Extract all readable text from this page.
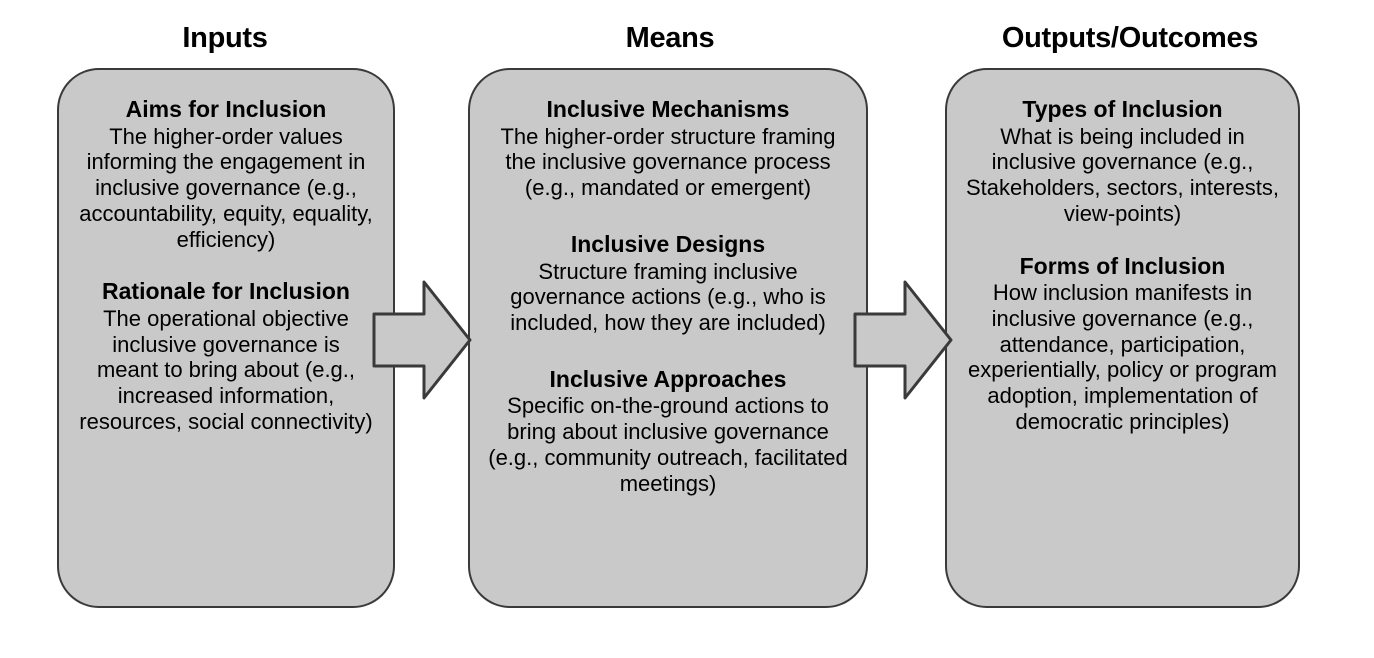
Inputs	Means	Outputs/Outcomes
Aims for Inclusion
The higher-order values informing the engagement in inclusive governance (e.g., accountability, equity, equality, efficiency)
Rationale for Inclusion
The operational objective inclusive governance is meant to bring about (e.g., increased information, resources, social connectivity)
Inclusive Mechanisms
The higher-order structure framing the inclusive governance process (e.g., mandated or emergent)
Inclusive Designs
Structure framing inclusive governance actions (e.g., who is included, how they are included)
Inclusive Approaches
Specific on-the-ground actions to bring about inclusive governance (e.g., community outreach, facilitated meetings)
Types of Inclusion
What is being included in inclusive governance (e.g., Stakeholders, sectors, interests, view-points)
Forms of Inclusion
How inclusion manifests in inclusive governance (e.g., attendance, participation, experientially, policy or program adoption, implementation of democratic principles)
